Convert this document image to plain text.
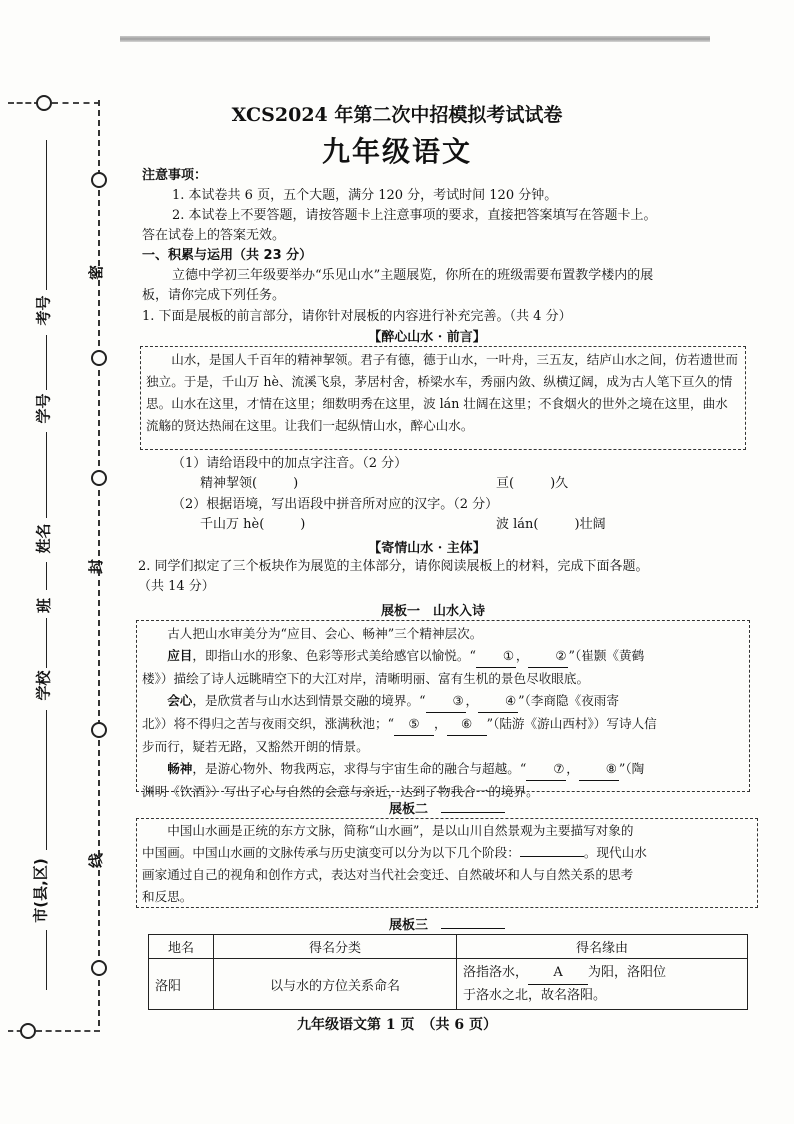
密
封
线
考号
学号
姓名
班
学校
市(县,区)
XCS2024 年第二次中招模拟考试试卷
九年级语文
注意事项：
1. 本试卷共 6 页，五个大题，满分 120 分，考试时间 120 分钟。
2. 本试卷上不要答题，请按答题卡上注意事项的要求，直接把答案填写在答题卡上。
答在试卷上的答案无效。
一、积累与运用（共 23 分）
立德中学初三年级要举办“乐见山水”主题展览，你所在的班级需要布置教学楼内的展
板，请你完成下列任务。
1. 下面是展板的前言部分，请你针对展板的内容进行补充完善。（共 4 分）
【醉心山水 · 前言】
山水，是国人千百年的精神挈领。君子有德，德于山水，一叶舟，三五友，结庐山水之间，仿若遗世而独立。于是，千山万 hè、流溪飞泉，茅居村舍，桥梁水车，秀丽内敛、纵横辽阔，成为古人笔下亘久的情思。山水在这里，才情在这里；细数明秀在这里，波 lán 壮阔在这里；不食烟火的世外之境在这里，曲水流觞的贤达热闹在这里。让我们一起纵情山水，醉心山水。
（1）请给语段中的加点字注音。（2 分）
精神挈领(	)	亘(	)久
（2）根据语境，写出语段中拼音所对应的汉字。（2 分）
千山万 hè(	)	波 lán(	)壮阔
【寄情山水 · 主体】
2. 同学们拟定了三个板块作为展览的主体部分，请你阅读展板上的材料，完成下面各题。
（共 14 分）
展板一　山水入诗

古人把山水审美分为“应目、会心、畅神”三个精神层次。

应目，即指山水的形象、色彩等形式美给感官以愉悦。“ ① ， ② ”（崔颢《黄鹤

楼》）描绘了诗人远眺晴空下的大江对岸，清晰明丽、富有生机的景色尽收眼底。

会心，是欣赏者与山水达到情景交融的境界。“ ③ ， ④ ”（李商隐《夜雨寄

北》）将不得归之苦与夜雨交织，涨满秋池；“ ⑤ ， ⑥ ”（陆游《游山西村》）写诗人信

步而行，疑若无路，又豁然开朗的情景。

畅神，是游心物外、物我两忘，求得与宇宙生命的融合与超越。“ ⑦ ， ⑧ ”（陶

渊明《饮酒》）写出了心与自然的会意与亲近，达到了物我合一的境界。

展板二　

中国山水画是正统的东方文脉，简称“山水画”，是以山川自然景观为主要描写对象的

中国画。中国山水画的文脉传承与历史演变可以分为以下几个阶段：	。现代山水

画家通过自己的视角和创作方式，表达对当代社会变迁、自然破坏和人与自然关系的思考

和反思。

展板三　
地名	得名分类	得名缘由
洛阳	以与水的方位关系命名	洛指洛水， A 为阳，洛阳位
于洛水之北，故名洛阳。
九年级语文第 1 页　（共 6 页）
